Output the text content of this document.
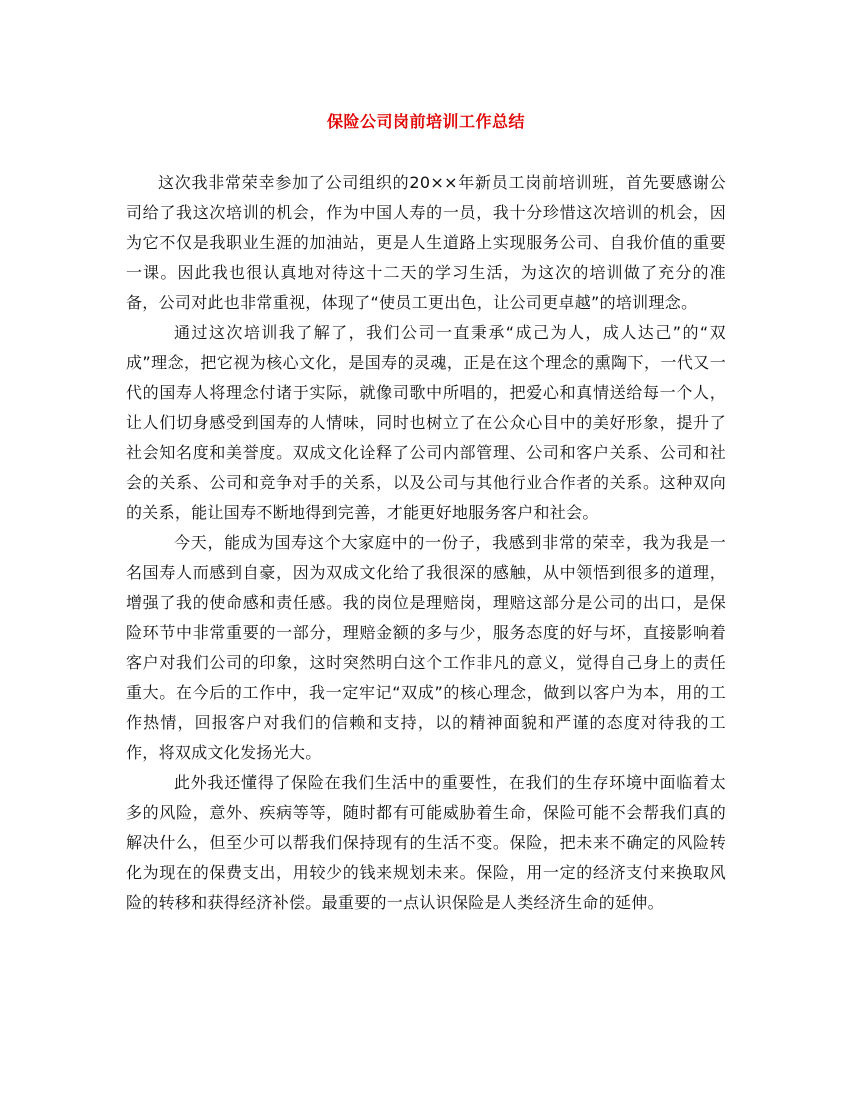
保险公司岗前培训工作总结

这次我非常荣幸参加了公司组织的20××年新员工岗前培训班，首先要感谢公司给了我这次培训的机会，作为中国人寿的一员，我十分珍惜这次培训的机会，因为它不仅是我职业生涯的加油站，更是人生道路上实现服务公司、自我价值的重要一课。因此我也很认真地对待这十二天的学习生活，为这次的培训做了充分的准备，公司对此也非常重视，体现了“使员工更出色，让公司更卓越”的培训理念。

通过这次培训我了解了，我们公司一直秉承“成己为人，成人达己”的“双成”理念，把它视为核心文化，是国寿的灵魂，正是在这个理念的熏陶下，一代又一代的国寿人将理念付诸于实际，就像司歌中所唱的，把爱心和真情送给每一个人，让人们切身感受到国寿的人情味，同时也树立了在公众心目中的美好形象，提升了社会知名度和美誉度。双成文化诠释了公司内部管理、公司和客户关系、公司和社会的关系、公司和竞争对手的关系，以及公司与其他行业合作者的关系。这种双向的关系，能让国寿不断地得到完善，才能更好地服务客户和社会。

今天，能成为国寿这个大家庭中的一份子，我感到非常的荣幸，我为我是一名国寿人而感到自豪，因为双成文化给了我很深的感触，从中领悟到很多的道理，增强了我的使命感和责任感。我的岗位是理赔岗，理赔这部分是公司的出口，是保险环节中非常重要的一部分，理赔金额的多与少，服务态度的好与坏，直接影响着客户对我们公司的印象，这时突然明白这个工作非凡的意义，觉得自己身上的责任重大。在今后的工作中，我一定牢记“双成”的核心理念，做到以客户为本，用的工作热情，回报客户对我们的信赖和支持，以的精神面貌和严谨的态度对待我的工作，将双成文化发扬光大。

此外我还懂得了保险在我们生活中的重要性，在我们的生存环境中面临着太多的风险，意外、疾病等等，随时都有可能威胁着生命，保险可能不会帮我们真的解决什么，但至少可以帮我们保持现有的生活不变。保险，把未来不确定的风险转化为现在的保费支出，用较少的钱来规划未来。保险，用一定的经济支付来换取风险的转移和获得经济补偿。最重要的一点认识保险是人类经济生命的延伸。
